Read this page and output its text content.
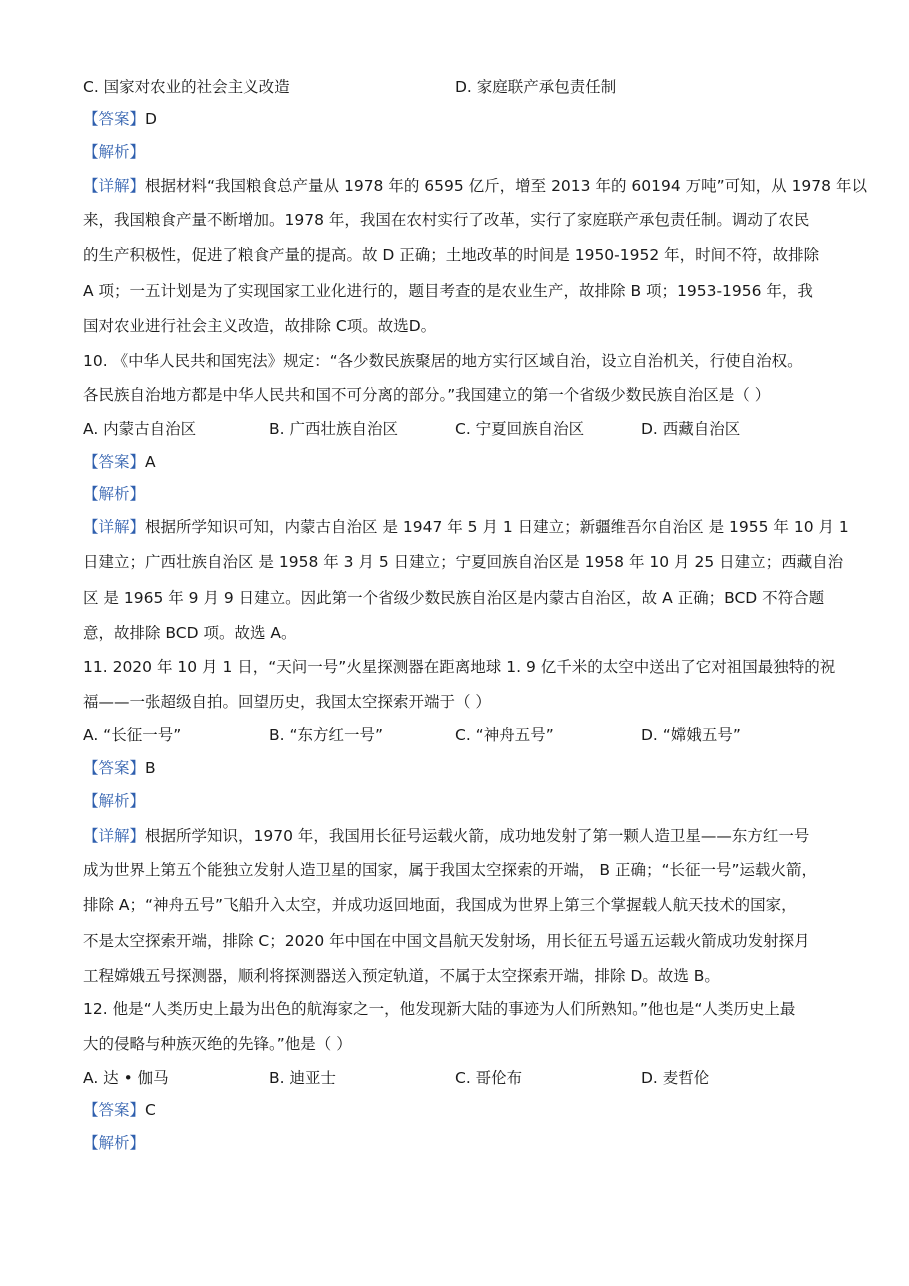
C. 国家对农业的社会主义改造	D. 家庭联产承包责任制
【答案】D
【解析】
【详解】根据材料“我国粮食总产量从 1978 年的 6595 亿斤，增至 2013 年的 60194 万吨”可知，从 1978 年以
来，我国粮食产量不断增加。1978 年，我国在农村实行了改革，实行了家庭联产承包责任制。调动了农民
的生产积极性，促进了粮食产量的提高。故 D 正确；土地改革的时间是 1950-1952 年，时间不符，故排除
A 项；一五计划是为了实现国家工业化进行的，题目考查的是农业生产，故排除 B 项；1953-1956 年，我
国对农业进行社会主义改造，故排除 C项。故选D。
10. 《中华人民共和国宪法》规定：“各少数民族聚居的地方实行区域自治，设立自治机关，行使自治权。
各民族自治地方都是中华人民共和国不可分离的部分。”我国建立的第一个省级少数民族自治区是（ ）
A. 内蒙古自治区	B. 广西壮族自治区	C. 宁夏回族自治区	D. 西藏自治区
【答案】A
【解析】
【详解】根据所学知识可知，内蒙古自治区 是 1947 年 5 月 1 日建立；新疆维吾尔自治区 是 1955 年 10 月 1
日建立；广西壮族自治区 是 1958 年 3 月 5 日建立；宁夏回族自治区是 1958 年 10 月 25 日建立；西藏自治
区 是 1965 年 9 月 9 日建立。因此第一个省级少数民族自治区是内蒙古自治区，故 A 正确；BCD 不符合题
意，故排除 BCD 项。故选 A。
11. 2020 年 10 月 1 日，“天问一号”火星探测器在距离地球 1. 9 亿千米的太空中送出了它对祖国最独特的祝
福——一张超级自拍。回望历史，我国太空探索开端于（ ）
A. “长征一号”	B. “东方红一号”	C. “神舟五号”	D. “嫦娥五号”
【答案】B
【解析】
【详解】根据所学知识，1970 年，我国用长征号运载火箭，成功地发射了第一颗人造卫星——东方红一号
成为世界上第五个能独立发射人造卫星的国家，属于我国太空探索的开端， B 正确；“长征一号”运载火箭，
排除 A；“神舟五号”飞船升入太空，并成功返回地面，我国成为世界上第三个掌握载人航天技术的国家，
不是太空探索开端，排除 C；2020 年中国在中国文昌航天发射场，用长征五号遥五运载火箭成功发射探月
工程嫦娥五号探测器，顺利将探测器送入预定轨道，不属于太空探索开端，排除 D。故选 B。
12. 他是“人类历史上最为出色的航海家之一，他发现新大陆的事迹为人们所熟知。”他也是“人类历史上最
大的侵略与种族灭绝的先锋。”他是（ ）
A. 达 • 伽马	B. 迪亚士	C. 哥伦布	D. 麦哲伦
【答案】C
【解析】
